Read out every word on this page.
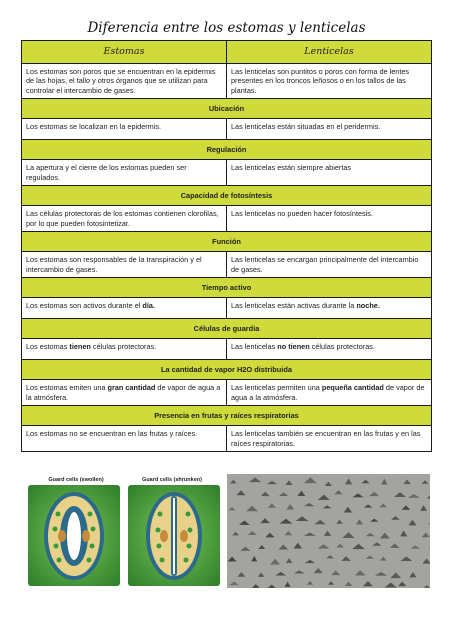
Diferencia entre los estomas y lenticelas
Estomas	Lenticelas
Los estomas son poros que se encuentran en la epidermis de las hojas, el tallo y otros órganos que se utilizan para controlar el intercambio de gases.	Las lenticelas son puntitos o poros con forma de lentes presentes en los troncos leñosos o en los tallos de las plantas.
Ubicación	
Los estomas se localizan en la epidermis.	Las lenticelas están situadas en el peridermis.
Regulación	
La apertura y el cierre de los estomas pueden ser regulados.	Las lenticelas están siempre abiertas
Capacidad de fotosíntesis	
Las células protectoras de los estomas contienen clorofilas, por lo que pueden fotosintetizar.	Las lenticelas no pueden hacer fotosíntesis.
Función	
Los estomas son responsables de la transpiración y el intercambio de gases.	Las lenticelas se encargan principalmente del intercambio de gases.
Tiempo activo	
Los estomas son activos durante el día.	Las lenticelas están activas durante la noche.
Células de guardia	
Los estomas tienen células protectoras.	Las lenticelas no tienen células protectoras.
La cantidad de vapor H2O distribuida	
Los estomas emiten una gran cantidad de vapor de agua a la atmósfera.	Las lenticelas permiten una pequeña cantidad de vapor de agua a la atmósfera.
Presencia en frutas y raíces respiratorias	
Los estomas no se encuentran en las frutas y raíces.	Las lenticelas también se encuentran en las frutas y en las raíces respiratorias.
Guard cells (swollen)	Guard cells (shrunken)
